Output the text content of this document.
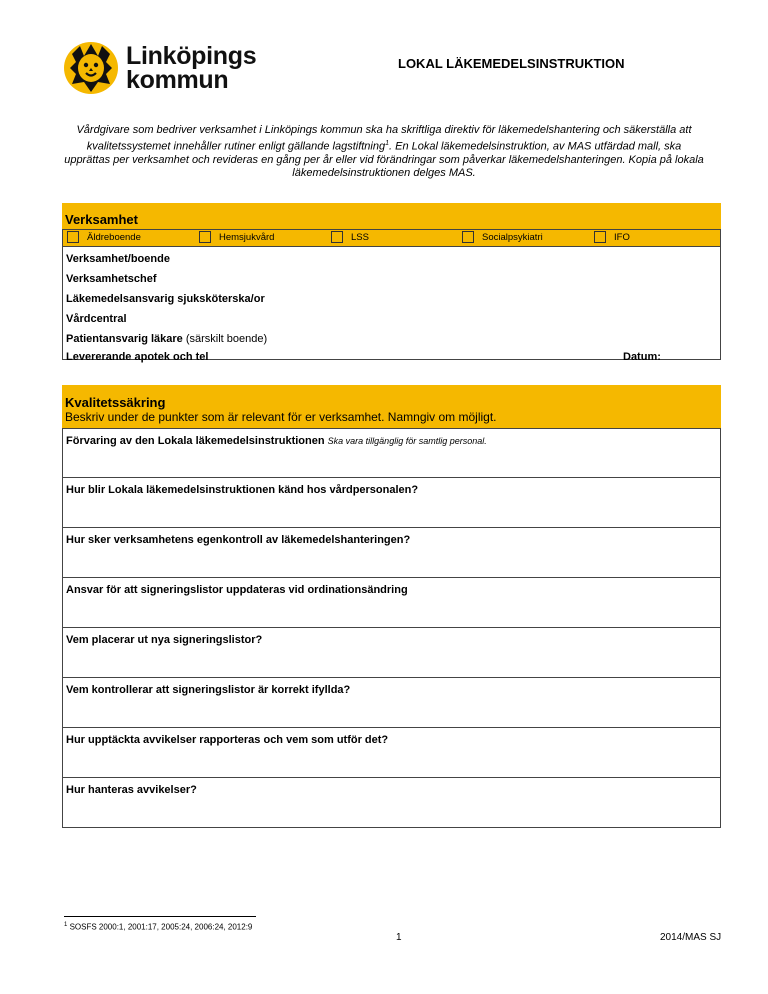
Linköpings
kommun
LOKAL LÄKEMEDELSINSTRUKTION
Vårdgivare som bedriver verksamhet i Linköpings kommun ska ha skriftliga direktiv för läkemedelshantering och säkerställa att kvalitetssystemet innehåller rutiner enligt gällande lagstiftning$^1$. En Lokal läkemedelsinstruktion, av MAS utfärdad mall, ska upprättas per verksamhet och revideras en gång per år eller vid förändringar som påverkar läkemedelshanteringen. Kopia på lokala läkemedelsinstruktionen delges MAS.
Verksamhet
Äldreboende	Hemsjukvård	LSS	Socialpsykiatri	IFO
Verksamhet/boende
Verksamhetschef
Läkemedelsansvarig sjuksköterska/or
Vårdcentral
Patientansvarig läkare (särskilt boende)
Levererande apotek och tel	Datum:
Kvalitetssäkring
Beskriv under de punkter som är relevant för er verksamhet. Namngiv om möjligt.
Förvaring av den Lokala läkemedelsinstruktionen Ska vara tillgänglig för samtlig personal.
Hur blir Lokala läkemedelsinstruktionen känd hos vårdpersonalen?
Hur sker verksamhetens egenkontroll av läkemedelshanteringen?
Ansvar för att signeringslistor uppdateras vid ordinationsändring
Vem placerar ut nya signeringslistor?
Vem kontrollerar att signeringslistor är korrekt ifyllda?
Hur upptäckta avvikelser rapporteras och vem som utför det?
Hur hanteras avvikelser?
$^1$ SOSFS 2000:1, 2001:17, 2005:24, 2006:24, 2012:9
1	2014/MAS SJ
